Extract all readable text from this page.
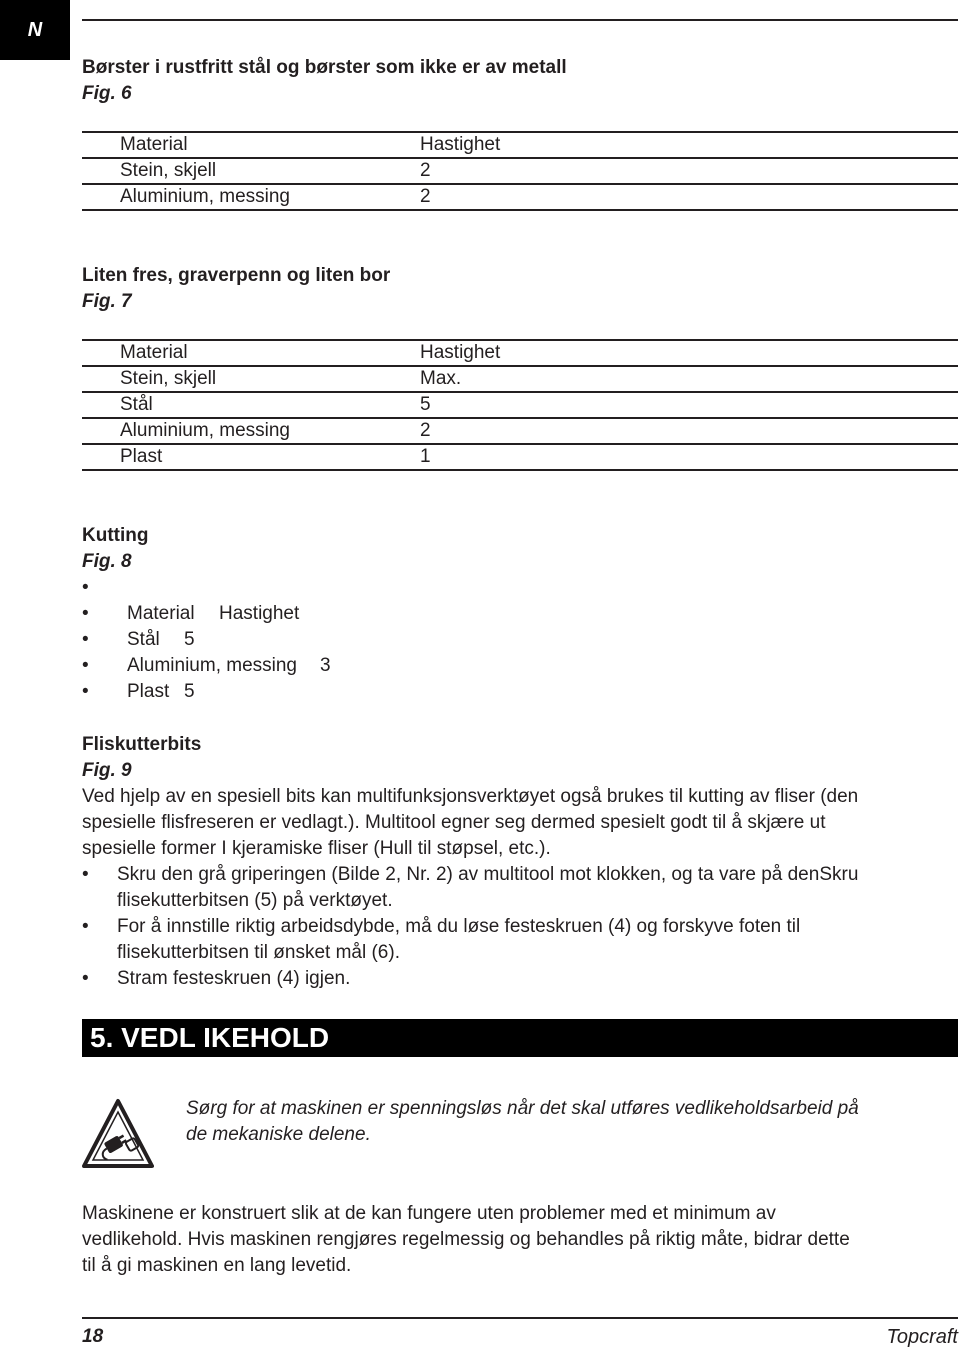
N
Børster i rustfritt stål og børster som ikke er av metall
Fig. 6
Material	Hastighet
Stein, skjell	2
Aluminium, messing	2
Liten fres, graverpenn og liten bor
Fig. 7
Material	Hastighet
Stein, skjell	Max.
Stål	5
Aluminium, messing	2
Plast	1
Kutting
Fig. 8
•
• Material Hastighet
• Stål 5
• Aluminium, messing 3
• Plast 5
Fliskutterbits
Fig. 9
Ved hjelp av en spesiell bits kan multifunksjonsverktøyet også brukes til kutting av fliser (den
spesielle flisfreseren er vedlagt.). Multitool egner seg dermed spesielt godt til å skjære ut
spesielle former I kjeramiske fliser (Hull til støpsel, etc.).
• Skru den grå griperingen (Bilde 2, Nr. 2) av multitool mot klokken, og ta vare på denSkru
flisekutterbitsen (5) på verktøyet.
• For å innstille riktig arbeidsdybde, må du løse festeskruen (4) og forskyve foten til
flisekutterbitsen til ønsket mål (6).
• Stram festeskruen (4) igjen.
5. VEDL IKEHOLD
Sørg for at maskinen er spenningsløs når det skal utføres vedlikeholdsarbeid på
de mekaniske delene.
Maskinene er konstruert slik at de kan fungere uten problemer med et minimum av
vedlikehold. Hvis maskinen rengjøres regelmessig og behandles på riktig måte, bidrar dette
til å gi maskinen en lang levetid.
18	Topcraft
